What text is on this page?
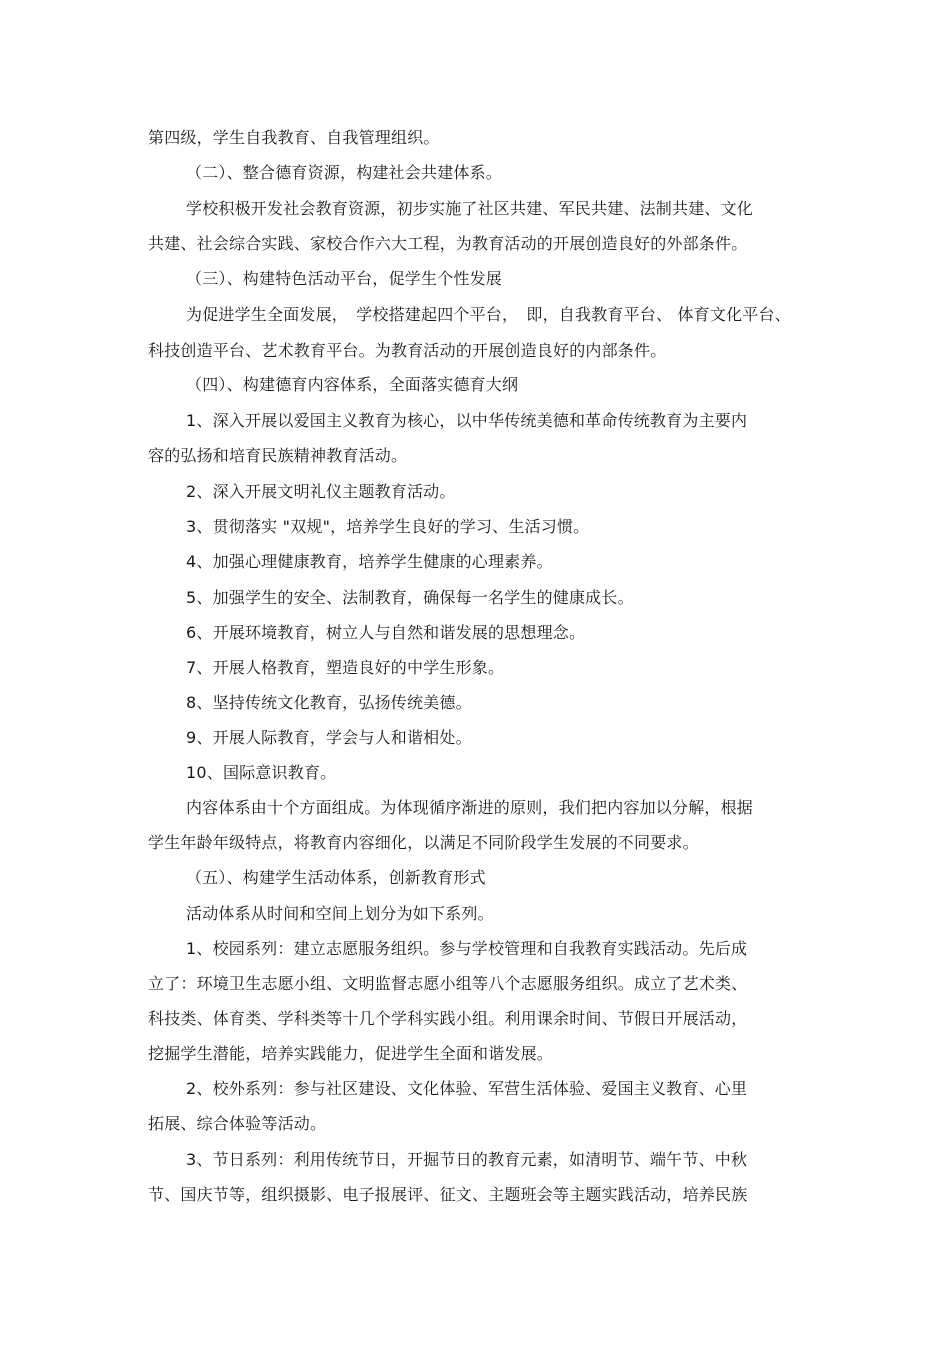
第四级，学生自我教育、自我管理组织。
（二）、整合德育资源，构建社会共建体系。
学校积极开发社会教育资源，初步实施了社区共建、军民共建、法制共建、文化
共建、社会综合实践、家校合作六大工程，为教育活动的开展创造良好的外部条件。
（三）、构建特色活动平台，促学生个性发展
为促进学生全面发展，　学校搭建起四个平台，　即，自我教育平台、 体育文化平台、
科技创造平台、艺术教育平台。为教育活动的开展创造良好的内部条件。
（四）、构建德育内容体系，全面落实德育大纲
1、深入开展以爱国主义教育为核心，以中华传统美德和革命传统教育为主要内
容的弘扬和培育民族精神教育活动。
2、深入开展文明礼仪主题教育活动。
3、贯彻落实 "双规"，培养学生良好的学习、生活习惯。
4、加强心理健康教育，培养学生健康的心理素养。
5、加强学生的安全、法制教育，确保每一名学生的健康成长。
6、开展环境教育，树立人与自然和谐发展的思想理念。
7、开展人格教育，塑造良好的中学生形象。
8、坚持传统文化教育，弘扬传统美德。
9、开展人际教育，学会与人和谐相处。
10、国际意识教育。
内容体系由十个方面组成。为体现循序渐进的原则，我们把内容加以分解，根据
学生年龄年级特点，将教育内容细化，以满足不同阶段学生发展的不同要求。
（五）、构建学生活动体系，创新教育形式
活动体系从时间和空间上划分为如下系列。
1、校园系列：建立志愿服务组织。参与学校管理和自我教育实践活动。先后成
立了：环境卫生志愿小组、文明监督志愿小组等八个志愿服务组织。成立了艺术类、
科技类、体育类、学科类等十几个学科实践小组。利用课余时间、节假日开展活动，
挖掘学生潜能，培养实践能力，促进学生全面和谐发展。
2、校外系列：参与社区建设、文化体验、军营生活体验、爱国主义教育、心里
拓展、综合体验等活动。
3、节日系列：利用传统节日，开掘节日的教育元素，如清明节、端午节、中秋
节、国庆节等，组织摄影、电子报展评、征文、主题班会等主题实践活动，培养民族
